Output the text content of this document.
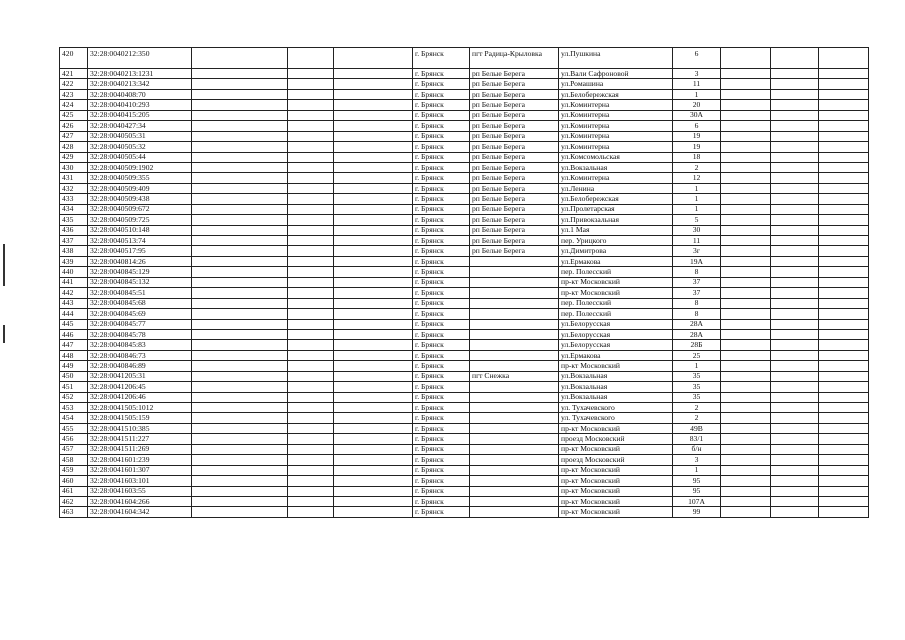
420	32:28:0040212:350				г. Брянск	пгт Радица-Крыловка	ул.Пушкина	6			
421	32:28:0040213:1231				г. Брянск	рп Белые Берега	ул.Вали Сафроновой	3			
422	32:28:0040213:342				г. Брянск	рп Белые Берега	ул.Ромашина	11			
423	32:28:0040408:70				г. Брянск	рп Белые Берега	ул.Белобережская	1			
424	32:28:0040410:293				г. Брянск	рп Белые Берега	ул.Коминтерна	20			
425	32:28:0040415:205				г. Брянск	рп Белые Берега	ул.Коминтерна	30А			
426	32:28:0040427:34				г. Брянск	рп Белые Берега	ул.Коминтерна	6			
427	32:28:0040505:31				г. Брянск	рп Белые Берега	ул.Коминтерна	19			
428	32:28:0040505:32				г. Брянск	рп Белые Берега	ул.Коминтерна	19			
429	32:28:0040505:44				г. Брянск	рп Белые Берега	ул.Комсомольская	18			
430	32:28:0040509:1902				г. Брянск	рп Белые Берега	ул.Вокзальная	2			
431	32:28:0040509:355				г. Брянск	рп Белые Берега	ул.Коминтерна	12			
432	32:28:0040509:409				г. Брянск	рп Белые Берега	ул.Ленина	1			
433	32:28:0040509:438				г. Брянск	рп Белые Берега	ул.Белобережская	1			
434	32:28:0040509:672				г. Брянск	рп Белые Берега	ул.Пролетарская	1			
435	32:28:0040509:725				г. Брянск	рп Белые Берега	ул.Привокзальная	5			
436	32:28:0040510:148				г. Брянск	рп Белые Берега	ул.1 Мая	30			
437	32:28:0040513:74				г. Брянск	рп Белые Берега	пер. Урицкого	11			
438	32:28:0040517:95				г. Брянск	рп Белые Берега	ул.Димитрова	3г			
439	32:28:0040814:26				г. Брянск		ул.Ермакова	19А			
440	32:28:0040845:129				г. Брянск		пер. Полесский	8			
441	32:28:0040845:132				г. Брянск		пр-кт Московский	37			
442	32:28:0040845:51				г. Брянск		пр-кт Московский	37			
443	32:28:0040845:68				г. Брянск		пер. Полесский	8			
444	32:28:0040845:69				г. Брянск		пер. Полесский	8			
445	32:28:0040845:77				г. Брянск		ул.Белорусская	28А			
446	32:28:0040845:78				г. Брянск		ул.Белорусская	28А			
447	32:28:0040845:83				г. Брянск		ул.Белорусская	28Б			
448	32:28:0040846:73				г. Брянск		ул.Ермакова	25			
449	32:28:0040846:89				г. Брянск		пр-кт Московский	1			
450	32:28:0041205:31				г. Брянск	пгт Снежка	ул.Вокзальная	35			
451	32:28:0041206:45				г. Брянск		ул.Вокзальная	35			
452	32:28:0041206:46				г. Брянск		ул.Вокзальная	35			
453	32:28:0041505:1012				г. Брянск		ул. Тухачевского	2			
454	32:28:0041505:159				г. Брянск		ул. Тухачевского	2			
455	32:28:0041510:385				г. Брянск		пр-кт Московский	49В			
456	32:28:0041511:227				г. Брянск		проезд Московский	83/1			
457	32:28:0041511:269				г. Брянск		пр-кт Московский	б/н			
458	32:28:0041601:239				г. Брянск		проезд Московский	3			
459	32:28:0041601:307				г. Брянск		пр-кт Московский	1			
460	32:28:0041603:101				г. Брянск		пр-кт Московский	95			
461	32:28:0041603:55				г. Брянск		пр-кт Московский	95			
462	32:28:0041604:266				г. Брянск		пр-кт Московский	107А			
463	32:28:0041604:342				г. Брянск		пр-кт Московский	99			
